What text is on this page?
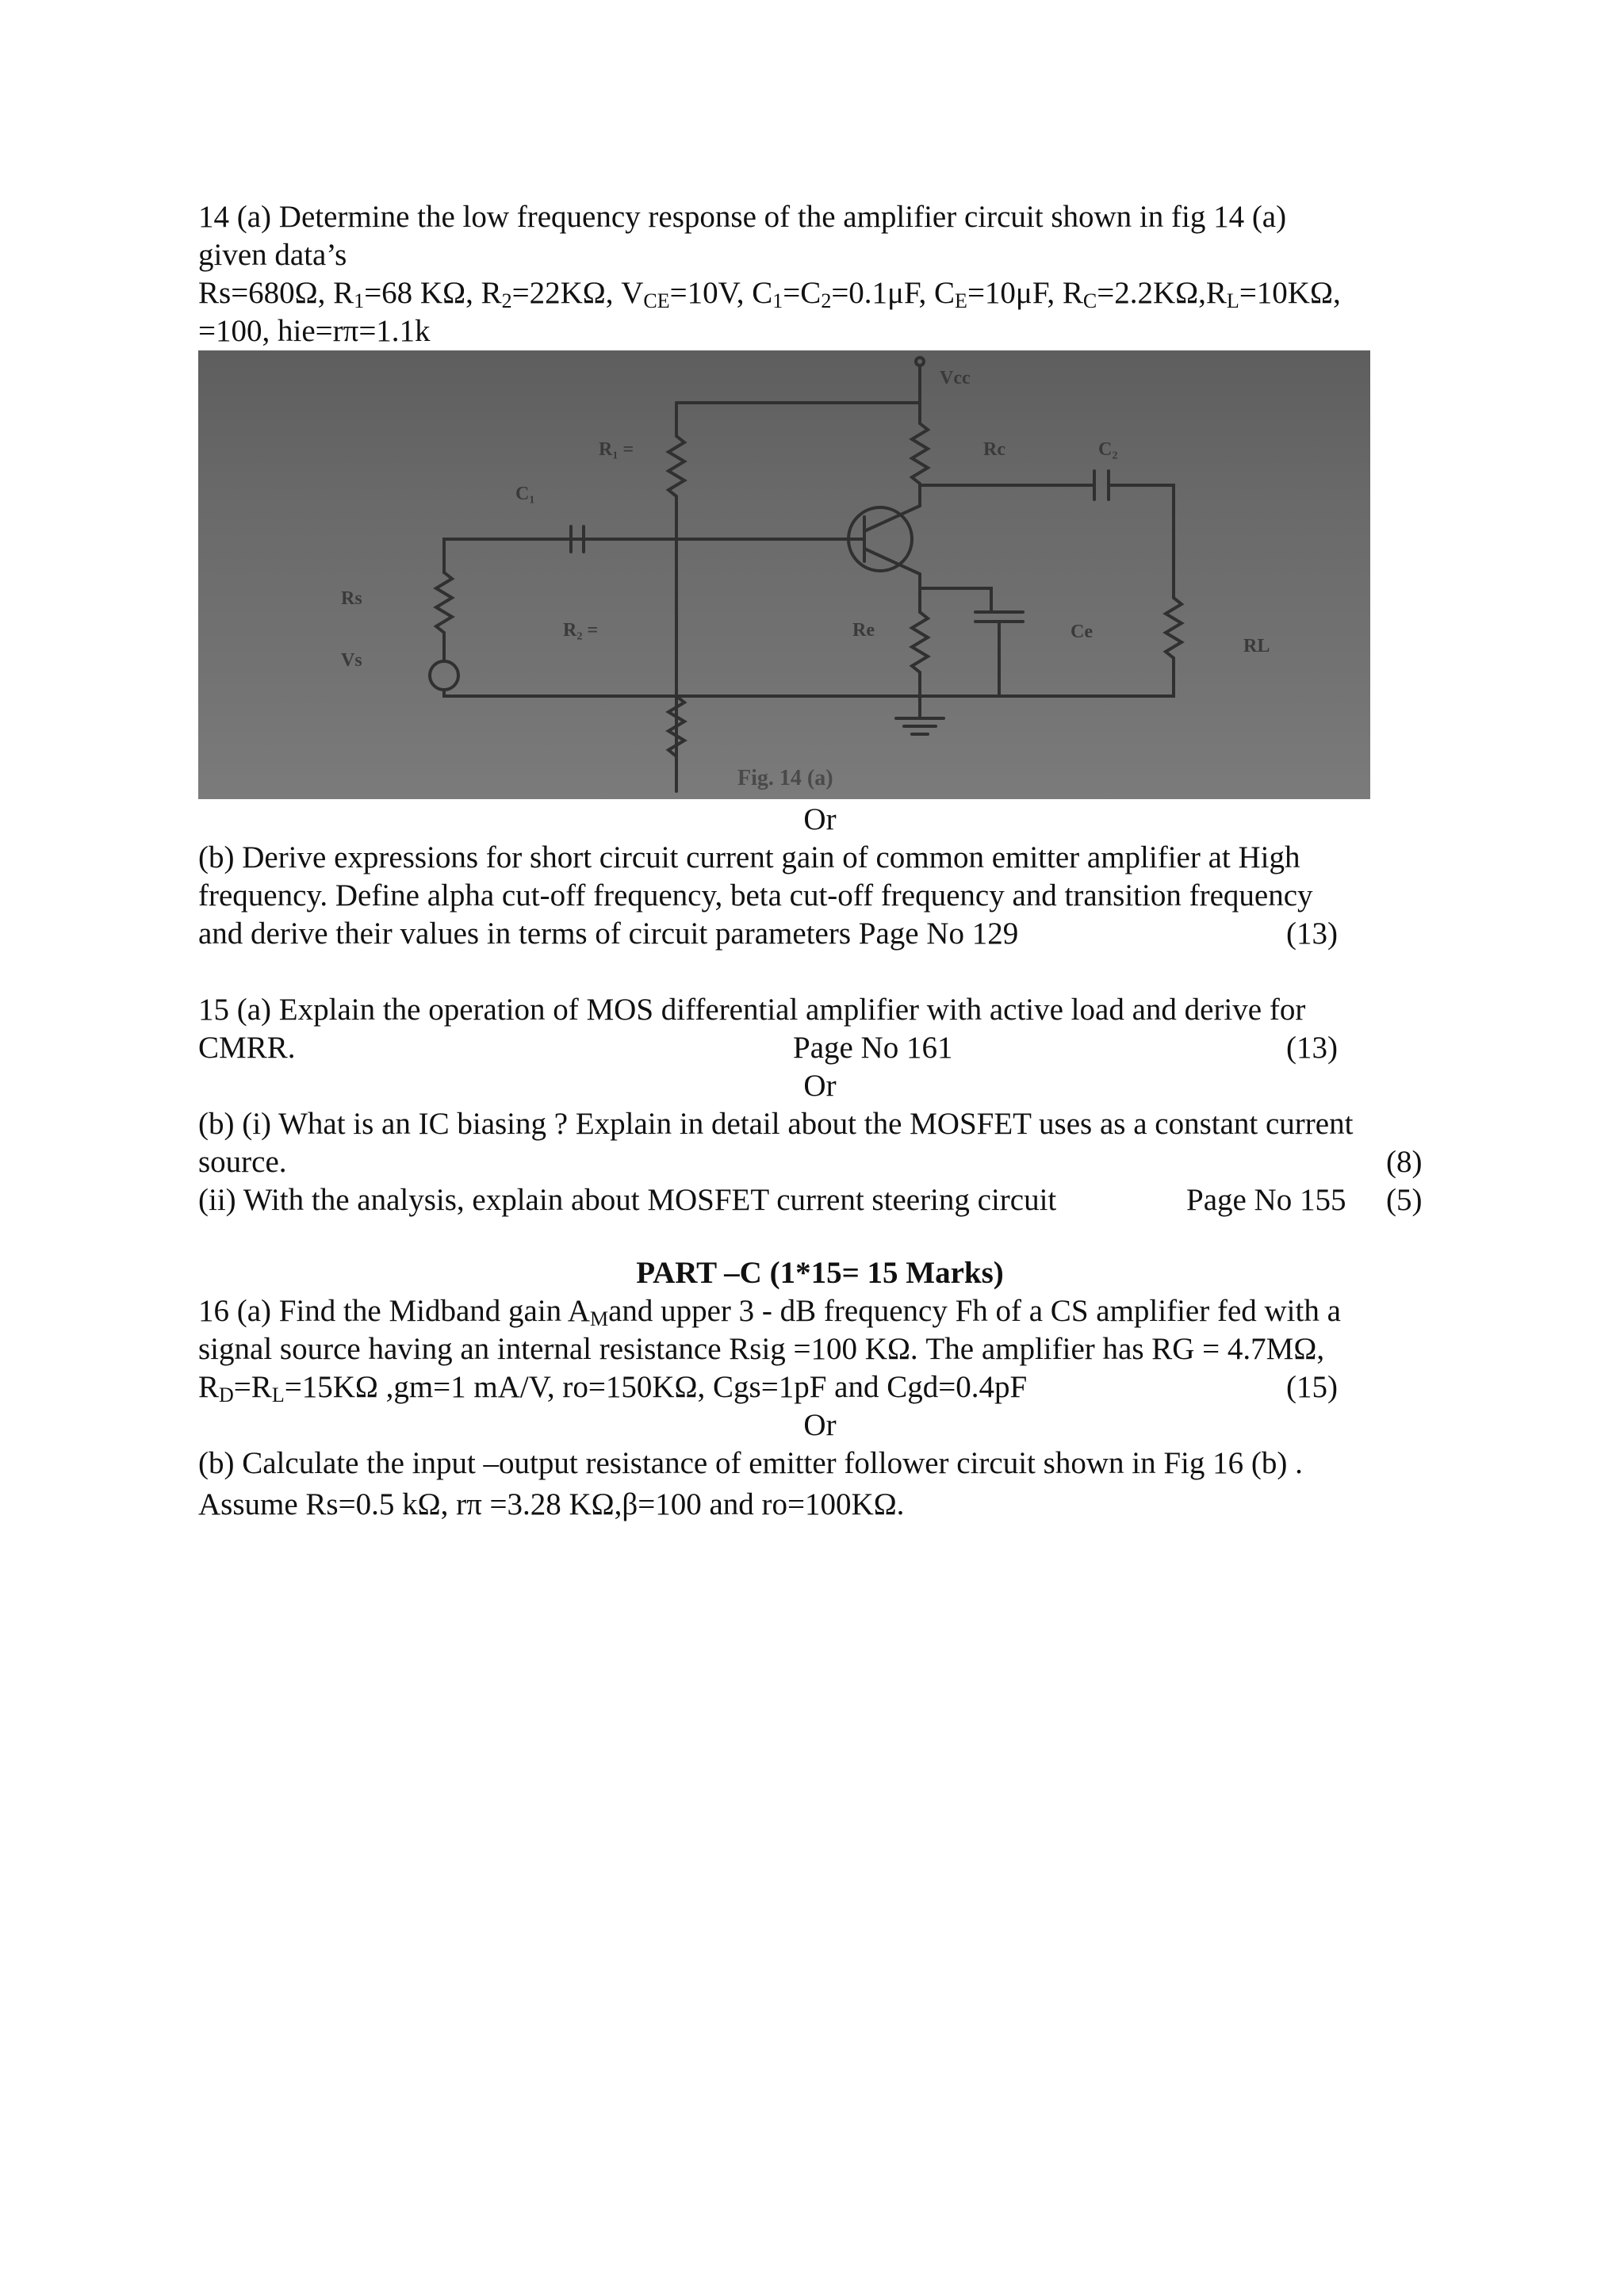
14 (a) Determine the low frequency response of the amplifier circuit shown in fig 14 (a)
given data’s
Rs=680Ω, $R_1=68$ KΩ, $R_2=22K\Omega$, $V_{CE}=10V$, $C_1=C_2=0.1\mu F$, $C_E=10\mu F$, $R_C=2.2K\Omega,R_L=10K\Omega$,
=100, hie=rπ=1.1k
Vcc
R₁ =	Rc	C₂
C₁
Rs
Vs
R₂ =	Re	Ce
RL
Fig. 14 (a)
Or
(b) Derive expressions for short circuit current gain of common emitter amplifier at High
frequency. Define alpha cut-off frequency, beta cut-off frequency and transition frequency
and derive their values in terms of circuit parameters Page No 129	(13)
15 (a) Explain the operation of MOS differential amplifier with active load and derive for
CMRR.	Page No 161	(13)
Or
(b) (i) What is an IC biasing ? Explain in detail about the MOSFET uses as a constant current
source.	(8)
(ii) With the analysis, explain about MOSFET current steering circuit	Page No 155 (5)
PART –C (1*15= 15 Marks)
16 (a) Find the Midband gain $A_Mand$ upper 3 - dB frequency Fh of a CS amplifier fed with a
signal source having an internal resistance Rsig =100 KΩ. The amplifier has RG = 4.7MΩ,
$R_D=R_L=15K\Omega$ ,gm=1 mA/V, ro=150KΩ, Cgs=1pF and Cgd=0.4pF	(15)
Or
(b) Calculate the input –output resistance of emitter follower circuit shown in Fig 16 (b) .
Assume Rs=0.5 kΩ, rπ =3.28 KΩ,β=100 and ro=100KΩ.
